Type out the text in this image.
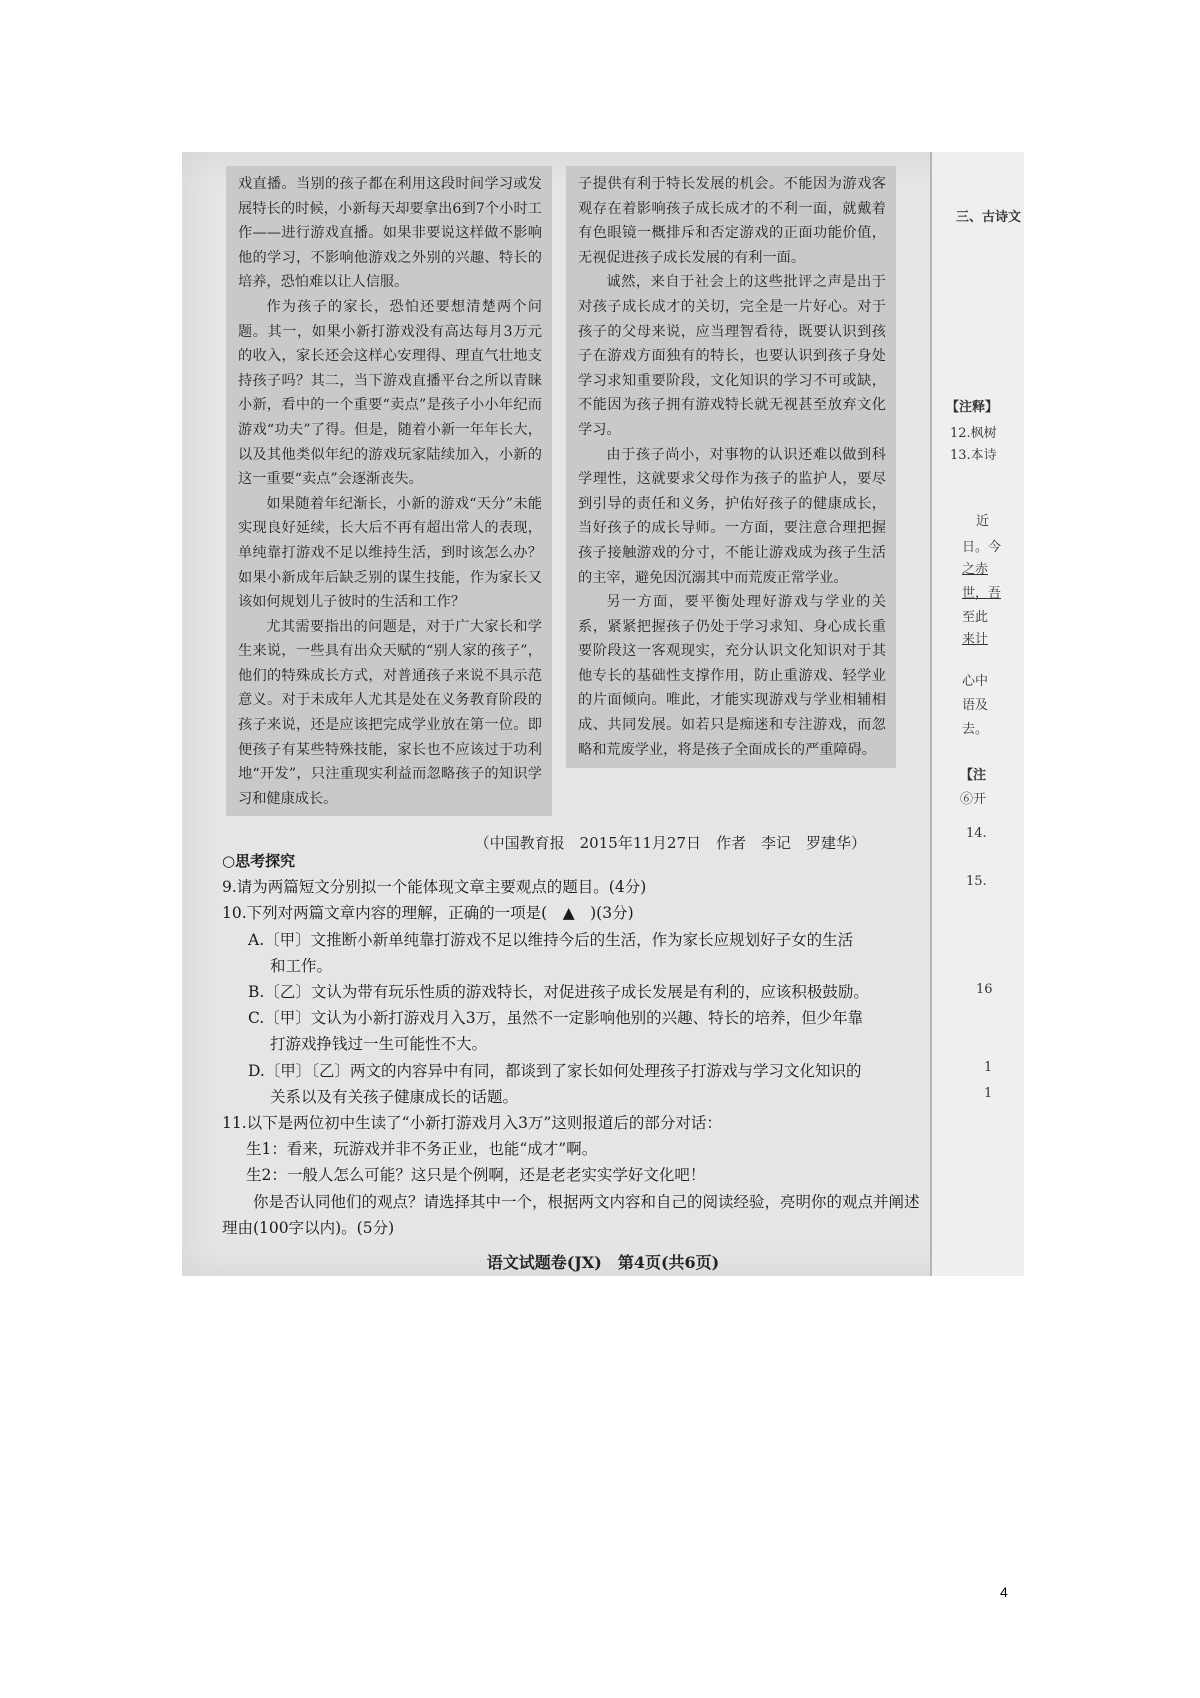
戏直播。当别的孩子都在利用这段时间学习或发展特长的时候，小新每天却要拿出6到7个小时工作——进行游戏直播。如果非要说这样做不影响他的学习，不影响他游戏之外别的兴趣、特长的培养，恐怕难以让人信服。

作为孩子的家长，恐怕还要想清楚两个问题。其一，如果小新打游戏没有高达每月3万元的收入，家长还会这样心安理得、理直气壮地支持孩子吗？其二，当下游戏直播平台之所以青睐小新，看中的一个重要“卖点”是孩子小小年纪而游戏“功夫”了得。但是，随着小新一年年长大，以及其他类似年纪的游戏玩家陆续加入，小新的这一重要“卖点”会逐渐丧失。

如果随着年纪渐长，小新的游戏“天分”未能实现良好延续，长大后不再有超出常人的表现，单纯靠打游戏不足以维持生活，到时该怎么办？如果小新成年后缺乏别的谋生技能，作为家长又该如何规划儿子彼时的生活和工作？

尤其需要指出的问题是，对于广大家长和学生来说，一些具有出众天赋的“别人家的孩子”，他们的特殊成长方式，对普通孩子来说不具示范意义。对于未成年人尤其是处在义务教育阶段的孩子来说，还是应该把完成学业放在第一位。即便孩子有某些特殊技能，家长也不应该过于功利地“开发”，只注重现实利益而忽略孩子的知识学习和健康成长。

子提供有利于特长发展的机会。不能因为游戏客观存在着影响孩子成长成才的不利一面，就戴着有色眼镜一概排斥和否定游戏的正面功能价值，无视促进孩子成长发展的有利一面。

诚然，来自于社会上的这些批评之声是出于对孩子成长成才的关切，完全是一片好心。对于孩子的父母来说，应当理智看待，既要认识到孩子在游戏方面独有的特长，也要认识到孩子身处学习求知重要阶段，文化知识的学习不可或缺，不能因为孩子拥有游戏特长就无视甚至放弃文化学习。

由于孩子尚小，对事物的认识还难以做到科学理性，这就要求父母作为孩子的监护人，要尽到引导的责任和义务，护佑好孩子的健康成长，当好孩子的成长导师。一方面，要注意合理把握孩子接触游戏的分寸，不能让游戏成为孩子生活的主宰，避免因沉溺其中而荒废正常学业。

另一方面，要平衡处理好游戏与学业的关系，紧紧把握孩子仍处于学习求知、身心成长重要阶段这一客观现实，充分认识文化知识对于其他专长的基础性支撑作用，防止重游戏、轻学业的片面倾向。唯此，才能实现游戏与学业相辅相成、共同发展。如若只是痴迷和专注游戏，而忽略和荒废学业，将是孩子全面成长的严重障碍。

三、古诗文
【注释】
12.枫树
13.本诗
近
日。今
之赤
世，吾
至此
来计
心中
语及
去。
【注
⑥开
14.
15.
16
1
1
（中国教育报　2015年11月27日　作者　李记　罗建华）
○思考探究

9.请为两篇短文分别拟一个能体现文章主要观点的题目。(4分)

10.下列对两篇文章内容的理解，正确的一项是(　▲　)(3分)

A.〔甲〕文推断小新单纯靠打游戏不足以维持今后的生活，作为家长应规划好子女的生活

和工作。

B.〔乙〕文认为带有玩乐性质的游戏特长，对促进孩子成长发展是有利的，应该积极鼓励。

C.〔甲〕文认为小新打游戏月入3万，虽然不一定影响他别的兴趣、特长的培养，但少年靠

打游戏挣钱过一生可能性不大。

D.〔甲〕〔乙〕两文的内容异中有同，都谈到了家长如何处理孩子打游戏与学习文化知识的

关系以及有关孩子健康成长的话题。

11.以下是两位初中生读了“小新打游戏月入3万”这则报道后的部分对话：

生1：看来，玩游戏并非不务正业，也能“成才”啊。

生2：一般人怎么可能？这只是个例啊，还是老老实实学好文化吧！

你是否认同他们的观点？请选择其中一个，根据两文内容和自己的阅读经验，亮明你的观点并阐述理由(100字以内)。(5分)

语文试题卷(JX)　第4页(共6页)
4
